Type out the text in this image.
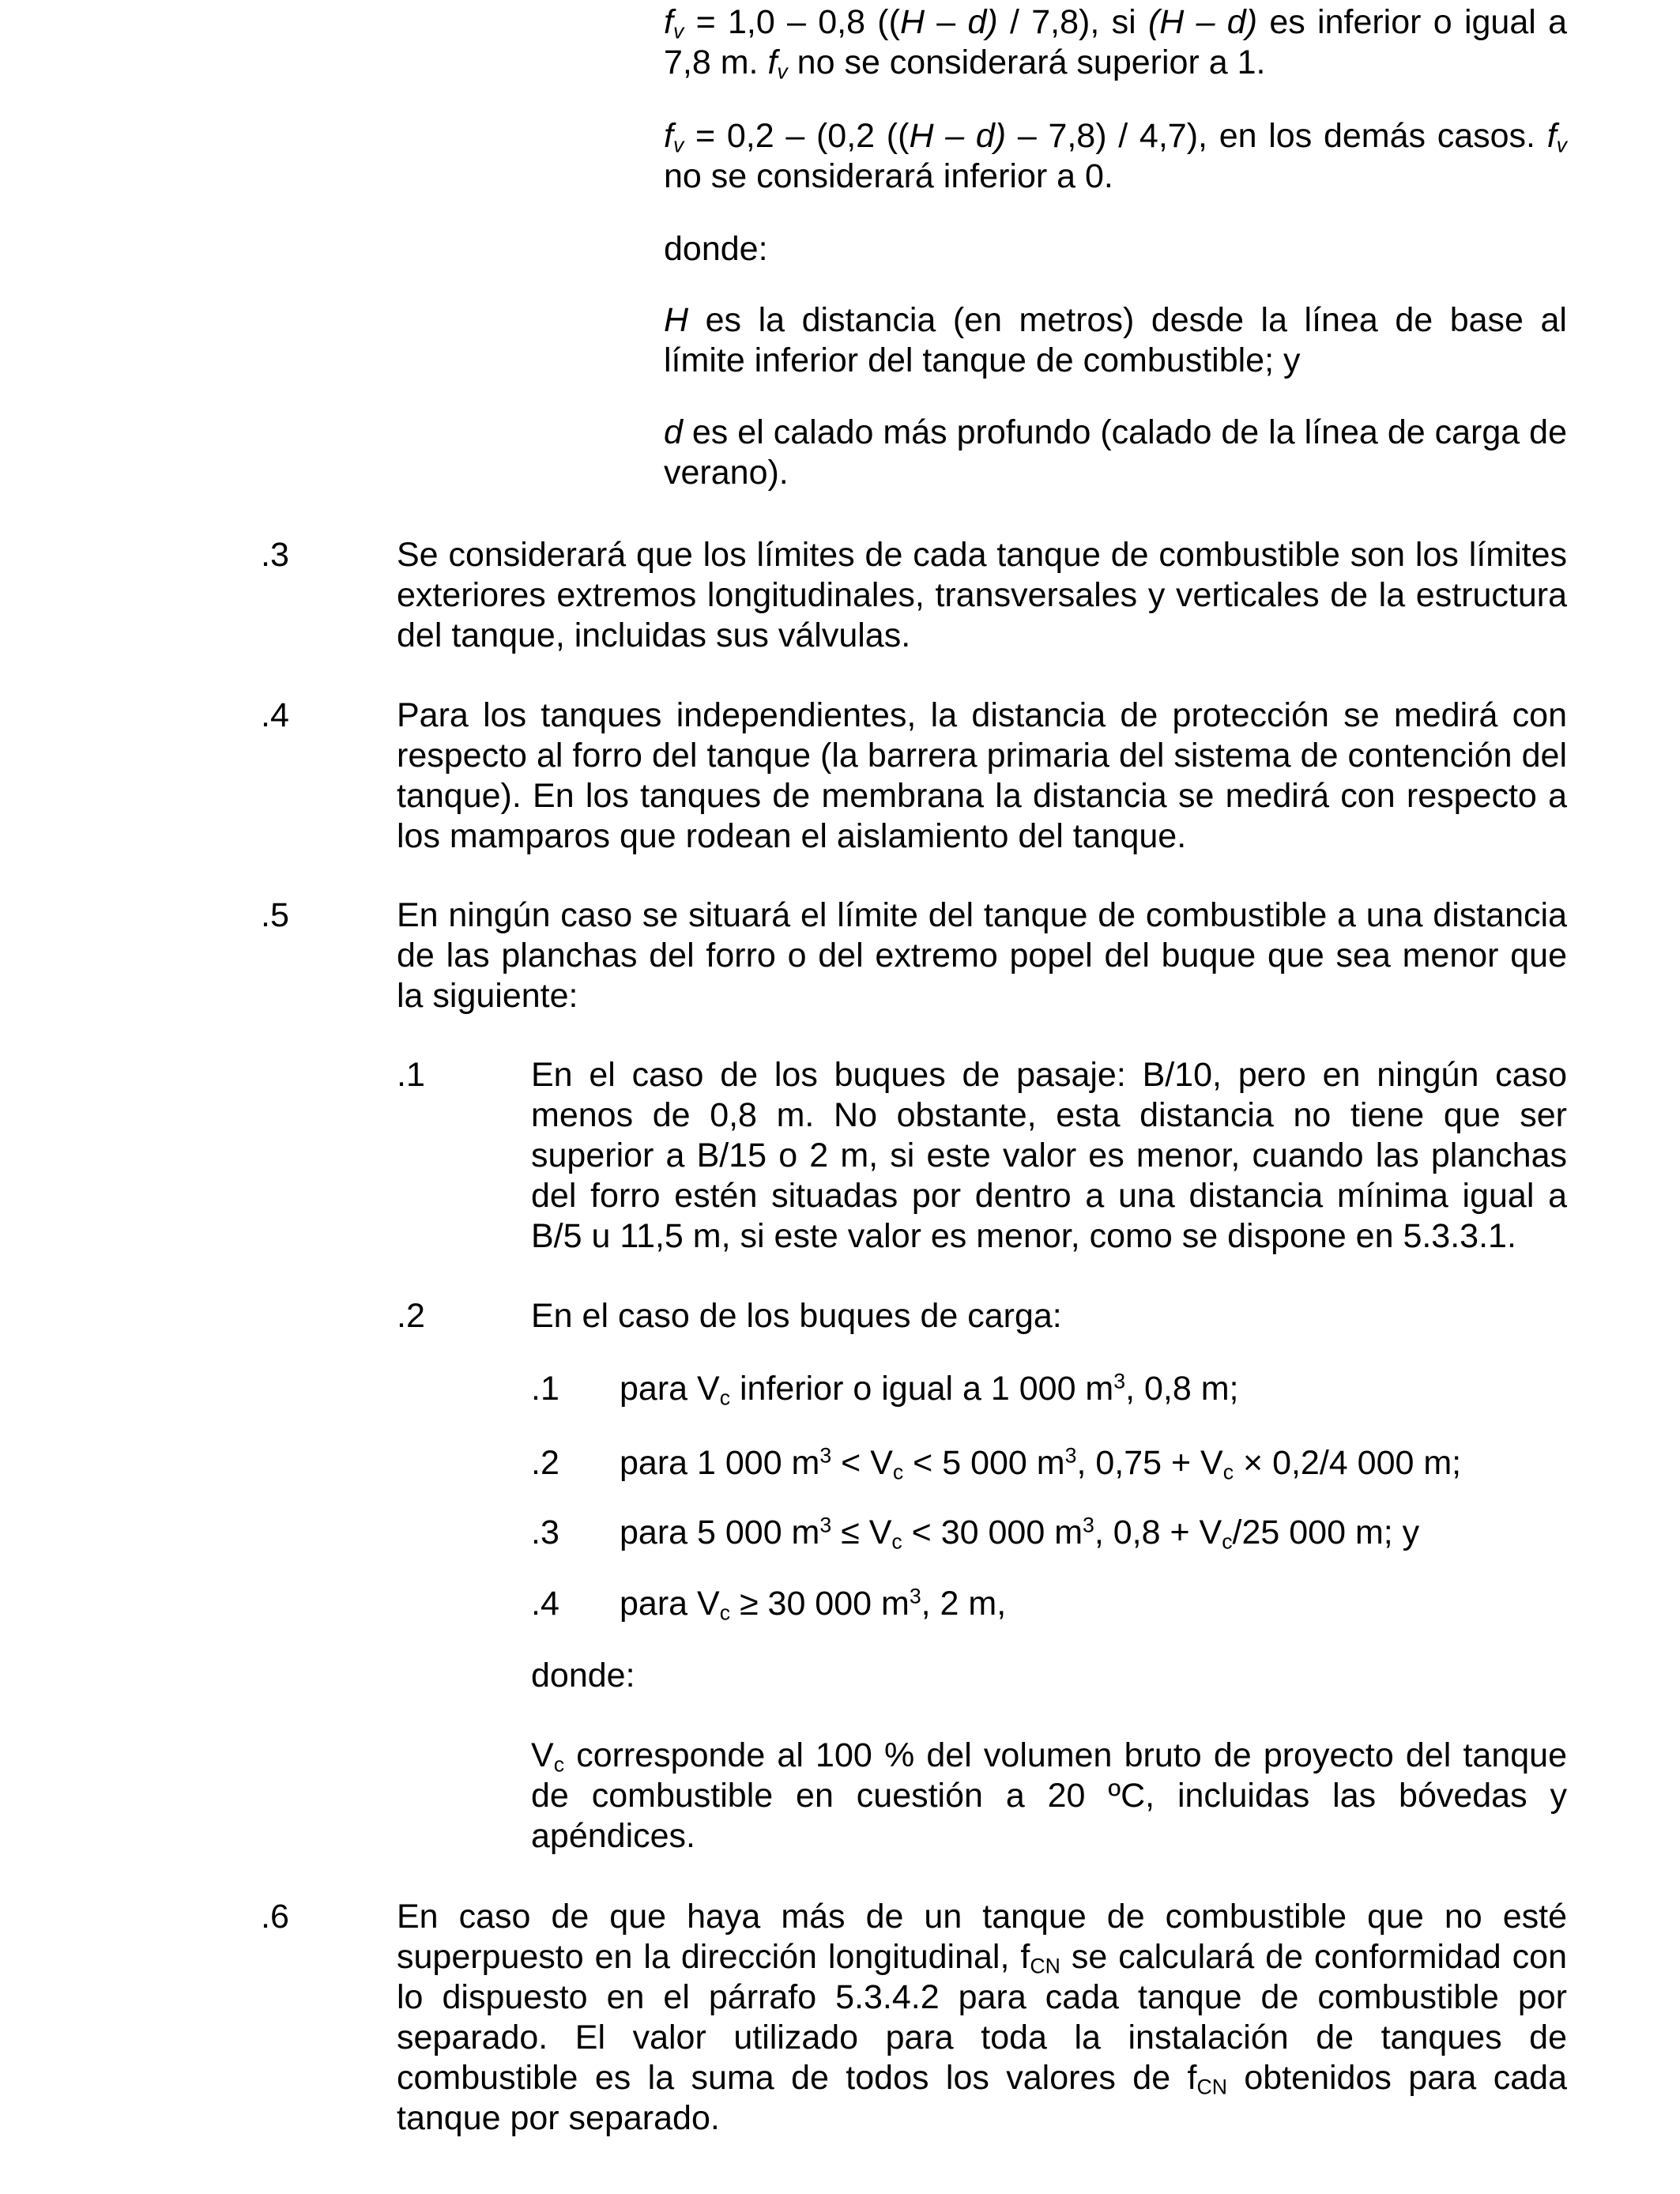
$f_v = 1,0 - 0,8$ ((H – d) / 7,8), si (H – d) es inferior o igual a 7,8 m. $f_v$ no se considerará superior a 1.
$f_v = 0,2 - (0,2$ ((H – d) – 7,8) / 4,7), en los demás casos. $f_v$ no se considerará inferior a 0.
donde:
H es la distancia (en metros) desde la línea de base al límite inferior del tanque de combustible; y
d es el calado más profundo (calado de la línea de carga de verano).
.3	Se considerará que los límites de cada tanque de combustible son los límites exteriores extremos longitudinales, transversales y verticales de la estructura del tanque, incluidas sus válvulas.
.4	Para los tanques independientes, la distancia de protección se medirá con respecto al forro del tanque (la barrera primaria del sistema de contención del tanque). En los tanques de membrana la distancia se medirá con respecto a los mamparos que rodean el aislamiento del tanque.
.5	En ningún caso se situará el límite del tanque de combustible a una distancia de las planchas del forro o del extremo popel del buque que sea menor que la siguiente:
.1	En el caso de los buques de pasaje: B/10, pero en ningún caso menos de 0,8 m. No obstante, esta distancia no tiene que ser superior a B/15 o 2 m, si este valor es menor, cuando las planchas del forro estén situadas por dentro a una distancia mínima igual a B/5 u 11,5 m, si este valor es menor, como se dispone en 5.3.3.1.
.2	En el caso de los buques de carga:
.1 para $V_c$ inferior o igual a 1 000 $m^3$, 0,8 m;
.2 para 1 000 $m^3 < V_c < 5$ 000 $m^3$, $0,75 + V_c \times 0,2/4$ 000 m;
.3 para 5 000 $m^3 \le V_c < 30$ 000 $m^3$, $0,8 + V_c/25$ 000 m; y
.4 para $V_c \ge 30$ 000 $m^3$, 2 m,
donde:
$V_c$ corresponde al 100 % del volumen bruto de proyecto del tanque de combustible en cuestión a 20 ºC, incluidas las bóvedas y apéndices.
.6	En caso de que haya más de un tanque de combustible que no esté superpuesto en la dirección longitudinal, $f_{CN}$ se calculará de conformidad con lo dispuesto en el párrafo 5.3.4.2 para cada tanque de combustible por separado. El valor utilizado para toda la instalación de tanques de combustible es la suma de todos los valores de $f_{CN}$ obtenidos para cada tanque por separado.
